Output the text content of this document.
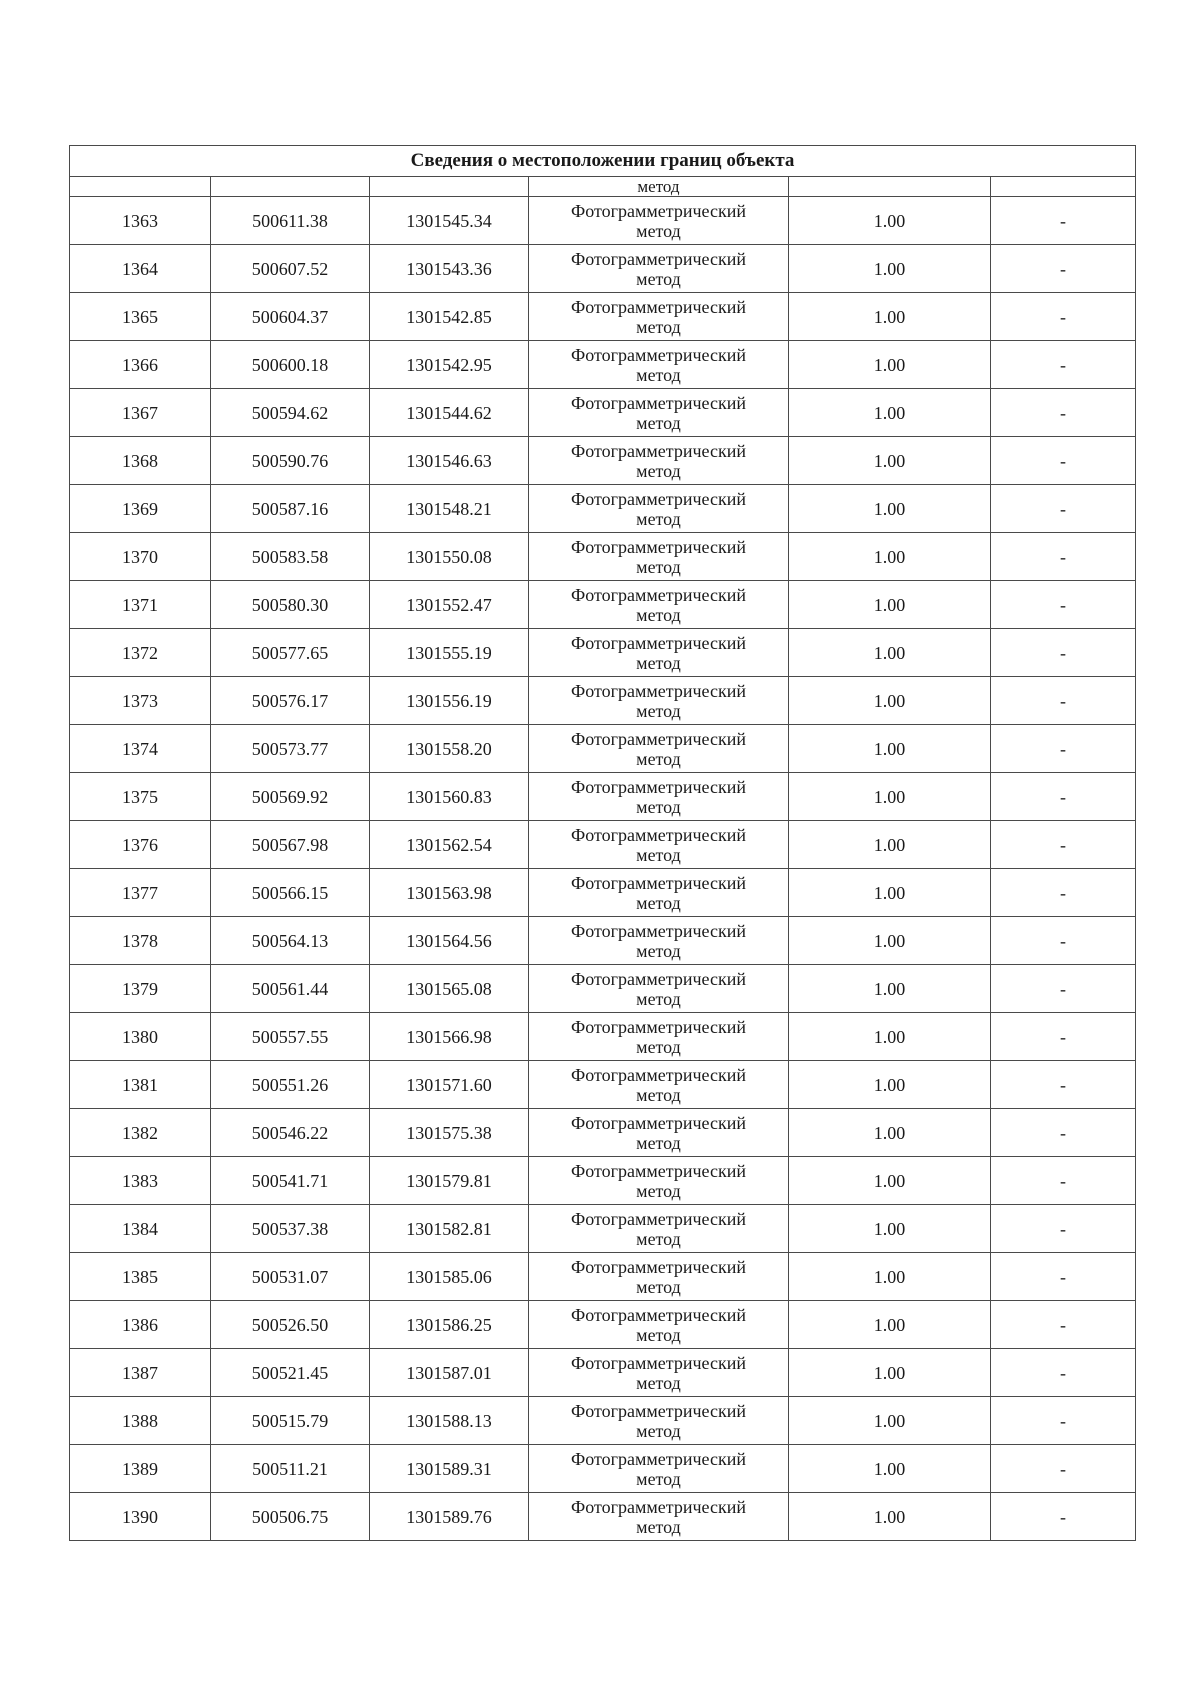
Сведения о местоположении границ объекта					
			метод		
1363	500611.38	1301545.34	Фотограмметрический
метод	1.00	-
1364	500607.52	1301543.36	Фотограмметрический
метод	1.00	-
1365	500604.37	1301542.85	Фотограмметрический
метод	1.00	-
1366	500600.18	1301542.95	Фотограмметрический
метод	1.00	-
1367	500594.62	1301544.62	Фотограмметрический
метод	1.00	-
1368	500590.76	1301546.63	Фотограмметрический
метод	1.00	-
1369	500587.16	1301548.21	Фотограмметрический
метод	1.00	-
1370	500583.58	1301550.08	Фотограмметрический
метод	1.00	-
1371	500580.30	1301552.47	Фотограмметрический
метод	1.00	-
1372	500577.65	1301555.19	Фотограмметрический
метод	1.00	-
1373	500576.17	1301556.19	Фотограмметрический
метод	1.00	-
1374	500573.77	1301558.20	Фотограмметрический
метод	1.00	-
1375	500569.92	1301560.83	Фотограмметрический
метод	1.00	-
1376	500567.98	1301562.54	Фотограмметрический
метод	1.00	-
1377	500566.15	1301563.98	Фотограмметрический
метод	1.00	-
1378	500564.13	1301564.56	Фотограмметрический
метод	1.00	-
1379	500561.44	1301565.08	Фотограмметрический
метод	1.00	-
1380	500557.55	1301566.98	Фотограмметрический
метод	1.00	-
1381	500551.26	1301571.60	Фотограмметрический
метод	1.00	-
1382	500546.22	1301575.38	Фотограмметрический
метод	1.00	-
1383	500541.71	1301579.81	Фотограмметрический
метод	1.00	-
1384	500537.38	1301582.81	Фотограмметрический
метод	1.00	-
1385	500531.07	1301585.06	Фотограмметрический
метод	1.00	-
1386	500526.50	1301586.25	Фотограмметрический
метод	1.00	-
1387	500521.45	1301587.01	Фотограмметрический
метод	1.00	-
1388	500515.79	1301588.13	Фотограмметрический
метод	1.00	-
1389	500511.21	1301589.31	Фотограмметрический
метод	1.00	-
1390	500506.75	1301589.76	Фотограмметрический
метод	1.00	-
